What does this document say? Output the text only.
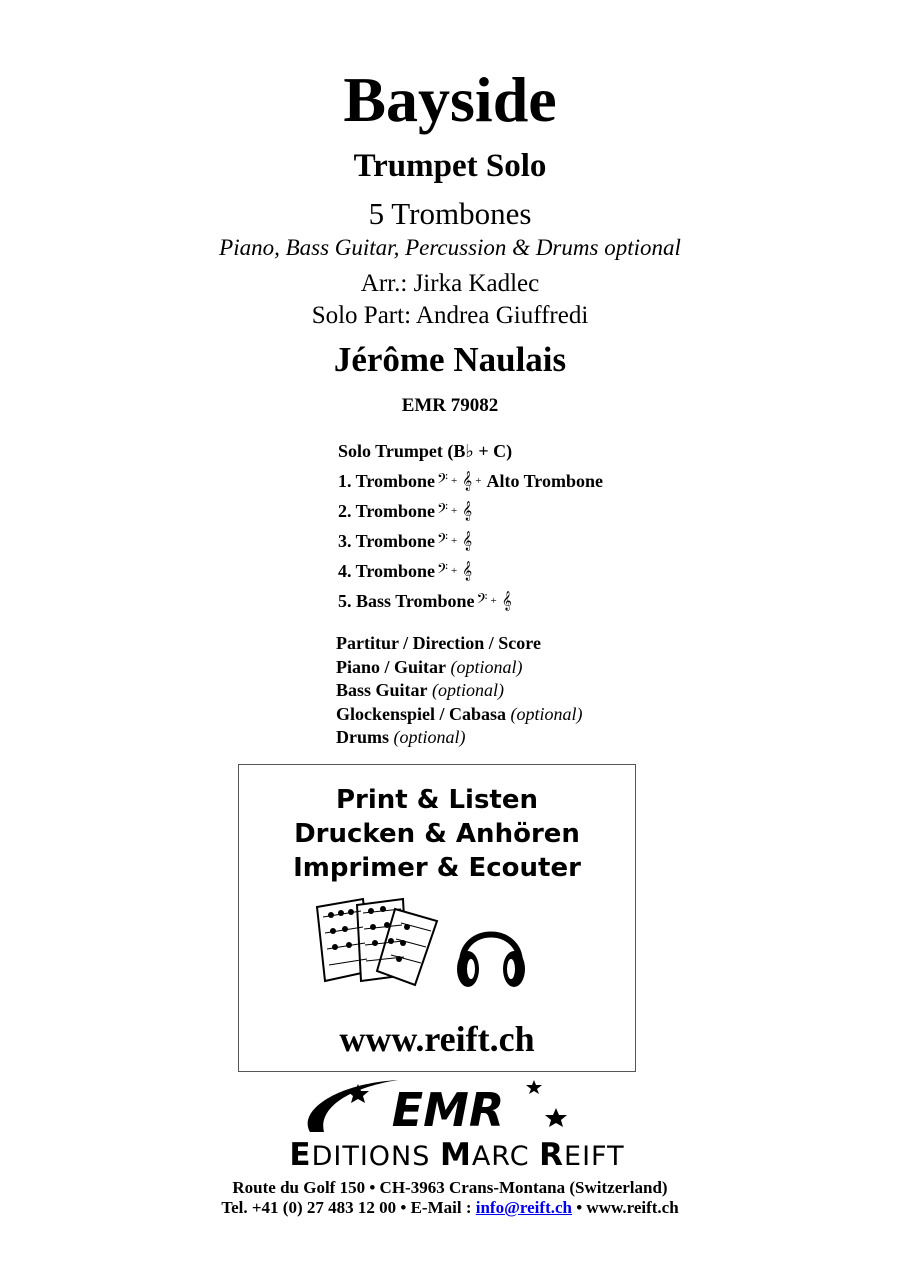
Bayside
Trumpet Solo
5 Trombones
Piano, Bass Guitar, Percussion & Drums optional
Arr.: Jirka Kadlec
Solo Part: Andrea Giuffredi
Jérôme Naulais
EMR 79082
Solo Trumpet (B♭ + C)
1. Trombone 𝄢 + 𝄞 + Alto Trombone
2. Trombone 𝄢 + 𝄞
3. Trombone 𝄢 + 𝄞
4. Trombone 𝄢 + 𝄞
5. Bass Trombone 𝄢 + 𝄞
Partitur / Direction / Score
Piano / Guitar (optional)
Bass Guitar (optional)
Glockenspiel / Cabasa (optional)
Drums (optional)
Print & Listen
Drucken & Anhören
Imprimer & Ecouter
www.reift.ch
EMR
EDITIONS MARC REIFT
Route du Golf 150 • CH-3963 Crans-Montana (Switzerland)
Tel. +41 (0) 27 483 12 00 • E-Mail : info@reift.ch • www.reift.ch
